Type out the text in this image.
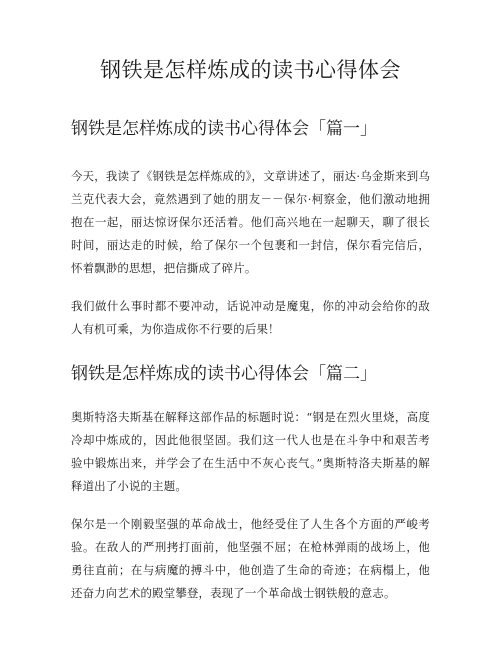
钢铁是怎样炼成的读书心得体会
钢铁是怎样炼成的读书心得体会「篇一」

今天，我读了《钢铁是怎样炼成的》，文章讲述了，丽达·乌金斯来到乌兰克代表大会，竟然遇到了她的朋友－－保尔·柯察金，他们激动地拥抱在一起，丽达惊讶保尔还活着。他们高兴地在一起聊天，聊了很长时间，丽达走的时候，给了保尔一个包裹和一封信，保尔看完信后，怀着飘渺的思想，把信撕成了碎片。

我们做什么事时都不要冲动，话说冲动是魔鬼，你的冲动会给你的敌人有机可乘，为你造成你不行要的后果！

钢铁是怎样炼成的读书心得体会「篇二」

奥斯特洛夫斯基在解释这部作品的标题时说：“钢是在烈火里烧，高度冷却中炼成的，因此他很坚固。我们这一代人也是在斗争中和艰苦考验中锻炼出来，并学会了在生活中不灰心丧气。”奥斯特洛夫斯基的解释道出了小说的主题。

保尔是一个刚毅坚强的革命战士，他经受住了人生各个方面的严峻考验。在敌人的严刑拷打面前，他坚强不屈；在枪林弹雨的战场上，他勇往直前；在与病魔的搏斗中，他创造了生命的奇迹；在病榻上，他还奋力向艺术的殿堂攀登，表现了一个革命战士钢铁般的意志。
